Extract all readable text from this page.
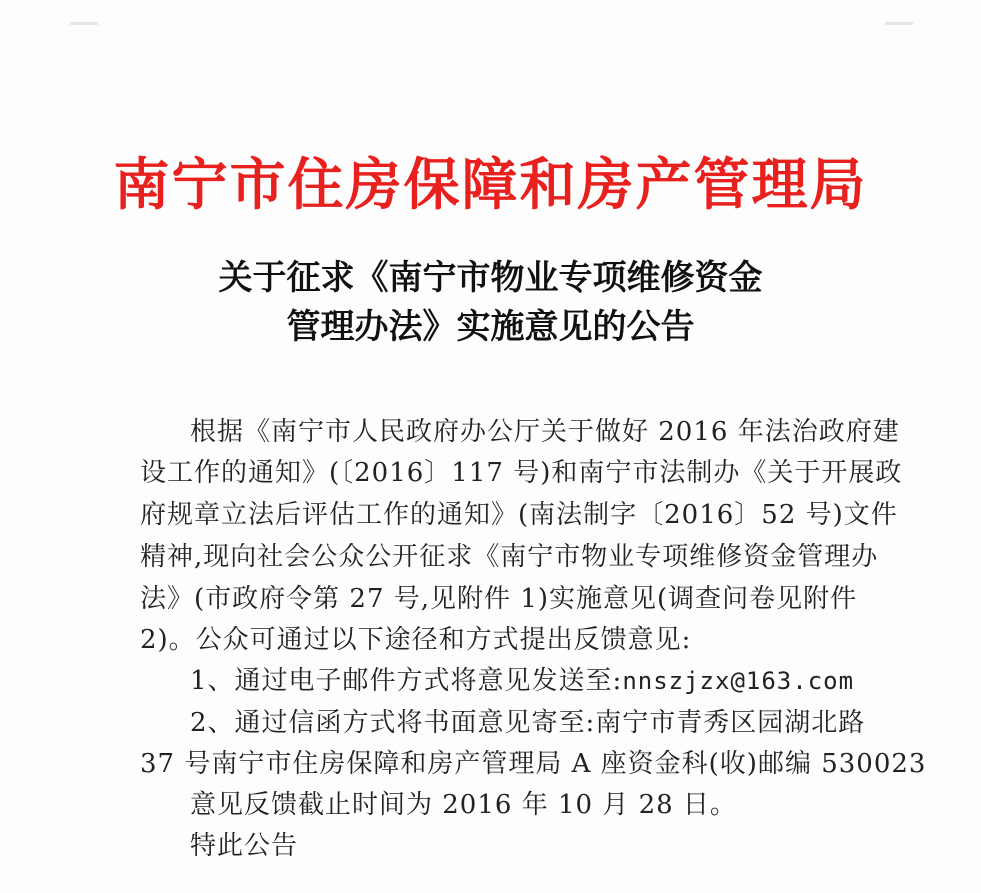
南宁市住房保障和房产管理局
关于征求《南宁市物业专项维修资金
管理办法》实施意见的公告
根据《南宁市人民政府办公厅关于做好 2016 年法治政府建
设工作的通知》(〔2016〕117 号)和南宁市法制办《关于开展政
府规章立法后评估工作的通知》(南法制字〔2016〕52 号)文件
精神,现向社会公众公开征求《南宁市物业专项维修资金管理办
法》(市政府令第 27 号,见附件 1)实施意见(调查问卷见附件
2)。公众可通过以下途径和方式提出反馈意见:
1、通过电子邮件方式将意见发送至:nnszjzx@163.com
2、通过信函方式将书面意见寄至:南宁市青秀区园湖北路
37 号南宁市住房保障和房产管理局 A 座资金科(收)邮编 530023
意见反馈截止时间为 2016 年 10 月 28 日。
特此公告
